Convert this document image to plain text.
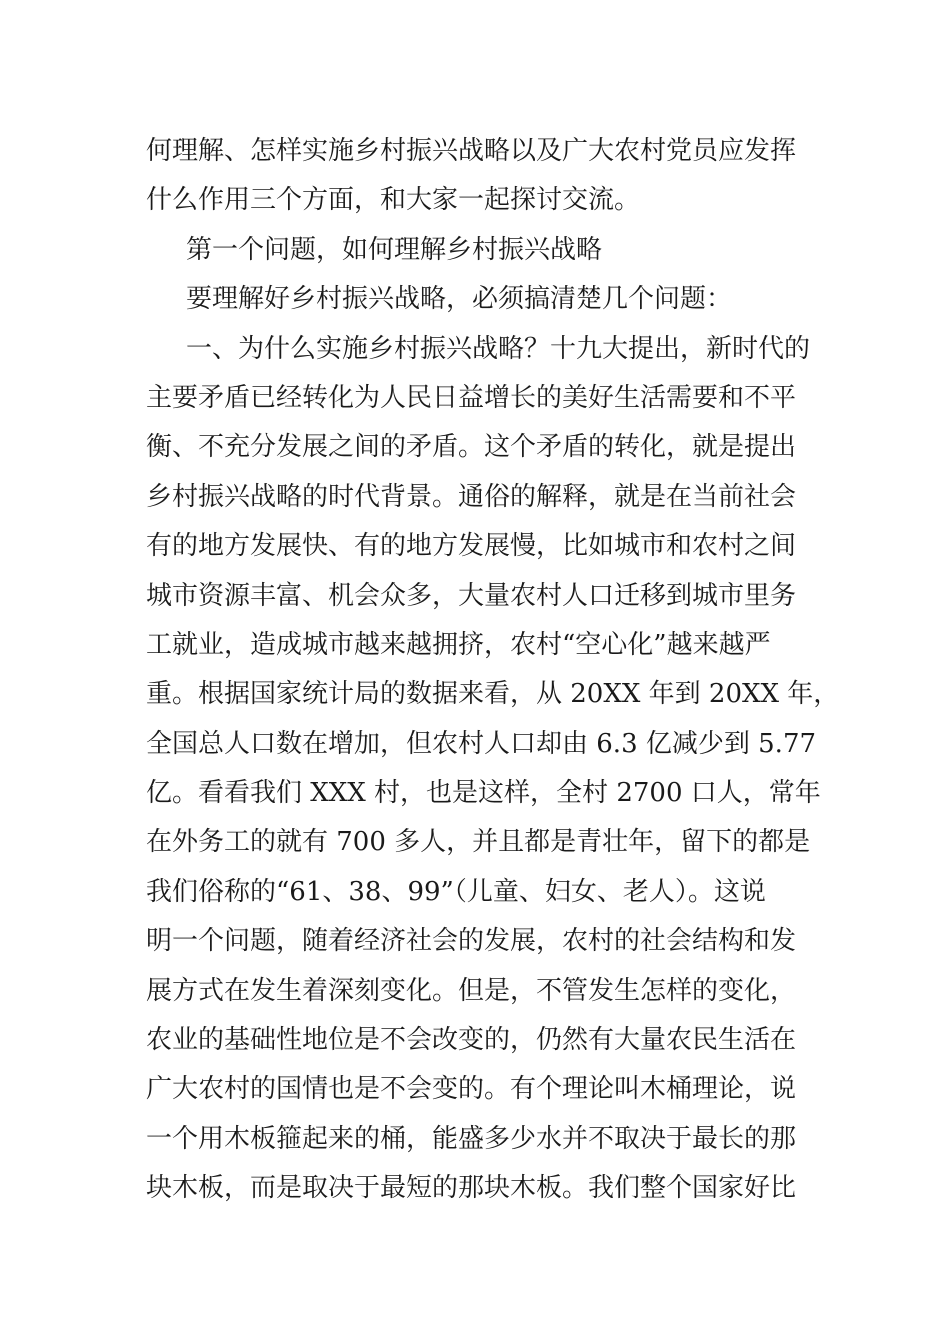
何理解、怎样实施乡村振兴战略以及广大农村党员应发挥
什么作用三个方面，和大家一起探讨交流。
第一个问题，如何理解乡村振兴战略
要理解好乡村振兴战略，必须搞清楚几个问题：
一、为什么实施乡村振兴战略？十九大提出，新时代的
主要矛盾已经转化为人民日益增长的美好生活需要和不平
衡、不充分发展之间的矛盾。这个矛盾的转化，就是提出
乡村振兴战略的时代背景。通俗的解释，就是在当前社会
有的地方发展快、有的地方发展慢，比如城市和农村之间
城市资源丰富、机会众多，大量农村人口迁移到城市里务
工就业，造成城市越来越拥挤，农村“空心化”越来越严
重。根据国家统计局的数据来看，从 20XX 年到 20XX 年，
全国总人口数在增加，但农村人口却由 6.3 亿减少到 5.77
亿。看看我们 XXX 村，也是这样，全村 2700 口人，常年
在外务工的就有 700 多人，并且都是青壮年，留下的都是
我们俗称的“61、38、99”（儿童、妇女、老人）。这说
明一个问题，随着经济社会的发展，农村的社会结构和发
展方式在发生着深刻变化。但是，不管发生怎样的变化，
农业的基础性地位是不会改变的，仍然有大量农民生活在
广大农村的国情也是不会变的。有个理论叫木桶理论，说
一个用木板箍起来的桶，能盛多少水并不取决于最长的那
块木板，而是取决于最短的那块木板。我们整个国家好比
